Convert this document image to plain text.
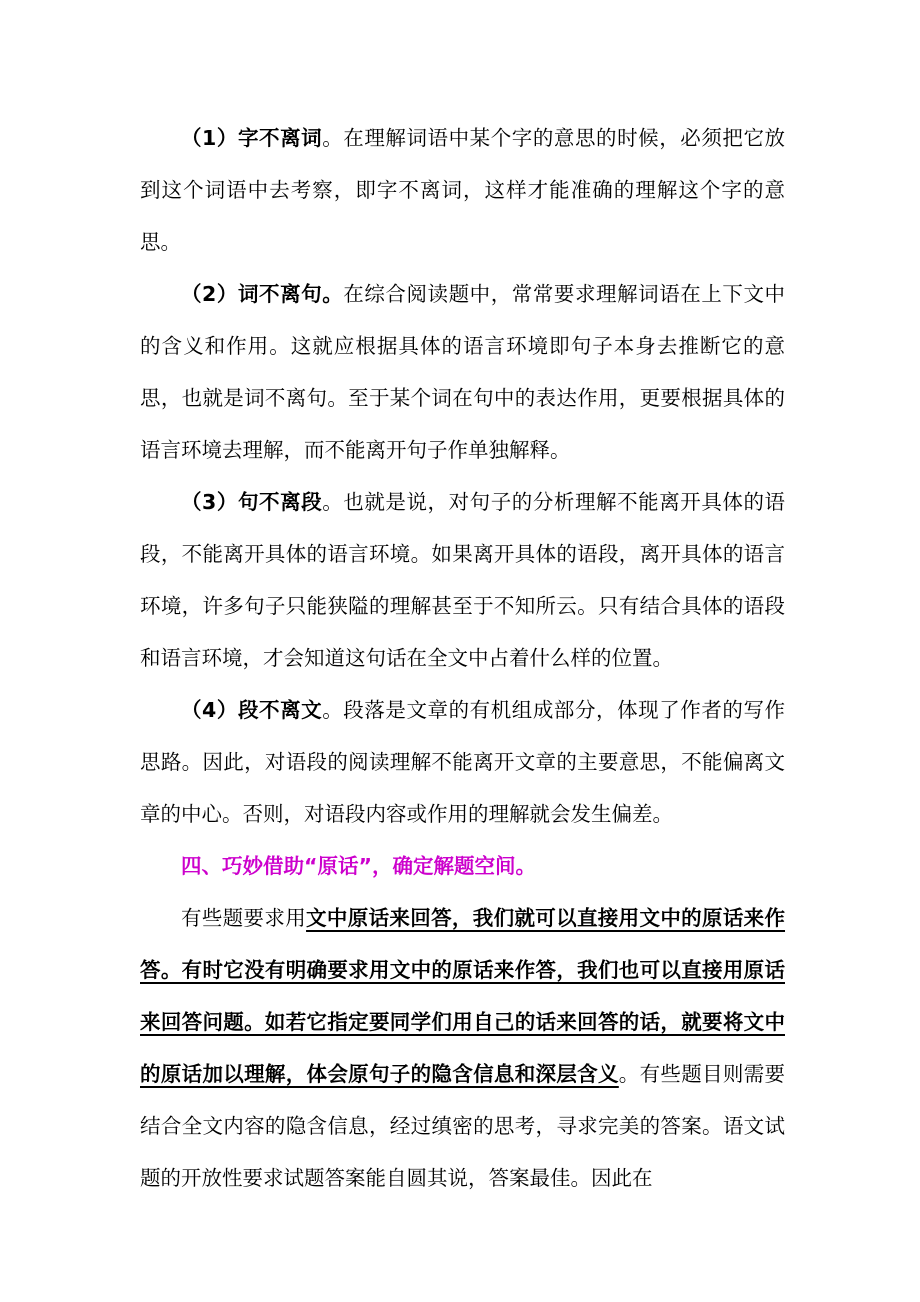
（1）字不离词。在理解词语中某个字的意思的时候，必须把它放到这个词语中去考察，即字不离词，这样才能准确的理解这个字的意思。

（2）词不离句。在综合阅读题中，常常要求理解词语在上下文中的含义和作用。这就应根据具体的语言环境即句子本身去推断它的意思，也就是词不离句。至于某个词在句中的表达作用，更要根据具体的语言环境去理解，而不能离开句子作单独解释。

（3）句不离段。也就是说，对句子的分析理解不能离开具体的语段，不能离开具体的语言环境。如果离开具体的语段，离开具体的语言环境，许多句子只能狭隘的理解甚至于不知所云。只有结合具体的语段和语言环境，才会知道这句话在全文中占着什么样的位置。

（4）段不离文。段落是文章的有机组成部分，体现了作者的写作思路。因此，对语段的阅读理解不能离开文章的主要意思，不能偏离文章的中心。否则，对语段内容或作用的理解就会发生偏差。

四、巧妙借助“原话”，确定解题空间。

有些题要求用文中原话来回答，我们就可以直接用文中的原话来作答。有时它没有明确要求用文中的原话来作答，我们也可以直接用原话来回答问题。如若它指定要同学们用自己的话来回答的话，就要将文中的原话加以理解，体会原句子的隐含信息和深层含义。有些题目则需要结合全文内容的隐含信息，经过缜密的思考，寻求完美的答案。语文试题的开放性要求试题答案能自圆其说，答案最佳。因此在
